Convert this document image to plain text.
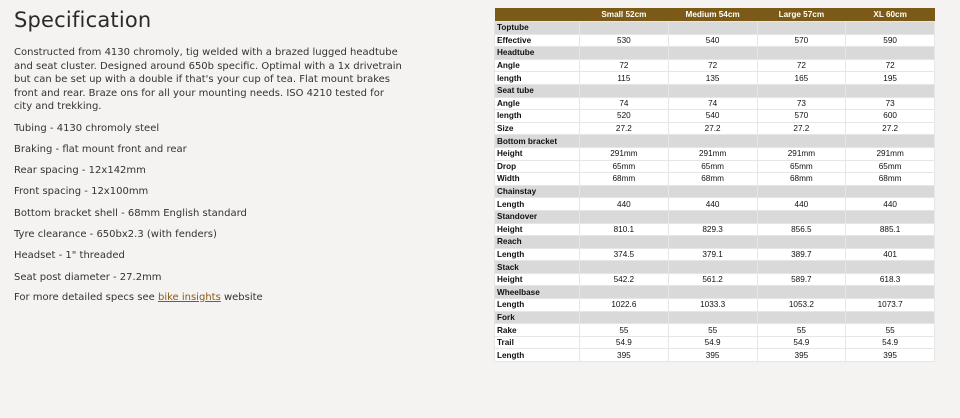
Specification

Constructed from 4130 chromoly, tig welded with a brazed lugged headtube and seat cluster. Designed around 650b specific. Optimal with a 1x drivetrain but can be set up with a double if that's your cup of tea. Flat mount brakes front and rear. Braze ons for all your mounting needs. ISO 4210 tested for city and trekking.

Tubing - 4130 chromoly steel
Braking - flat mount front and rear
Rear spacing - 12x142mm
Front spacing - 12x100mm
Bottom bracket shell - 68mm English standard
Tyre clearance - 650bx2.3 (with fenders)
Headset - 1" threaded
Seat post diameter - 27.2mm

For more detailed specs see bike insights website

	Small 52cm	Medium 54cm	Large 57cm	XL 60cm
Toptube				
Effective	530	540	570	590
Headtube				
Angle	72	72	72	72
length	115	135	165	195
Seat tube				
Angle	74	74	73	73
length	520	540	570	600
Size	27.2	27.2	27.2	27.2
Bottom bracket				
Height	291mm	291mm	291mm	291mm
Drop	65mm	65mm	65mm	65mm
Width	68mm	68mm	68mm	68mm
Chainstay				
Length	440	440	440	440
Standover				
Height	810.1	829.3	856.5	885.1
Reach				
Length	374.5	379.1	389.7	401
Stack				
Height	542.2	561.2	589.7	618.3
Wheelbase				
Length	1022.6	1033.3	1053.2	1073.7
Fork				
Rake	55	55	55	55
Trail	54.9	54.9	54.9	54.9
Length	395	395	395	395
